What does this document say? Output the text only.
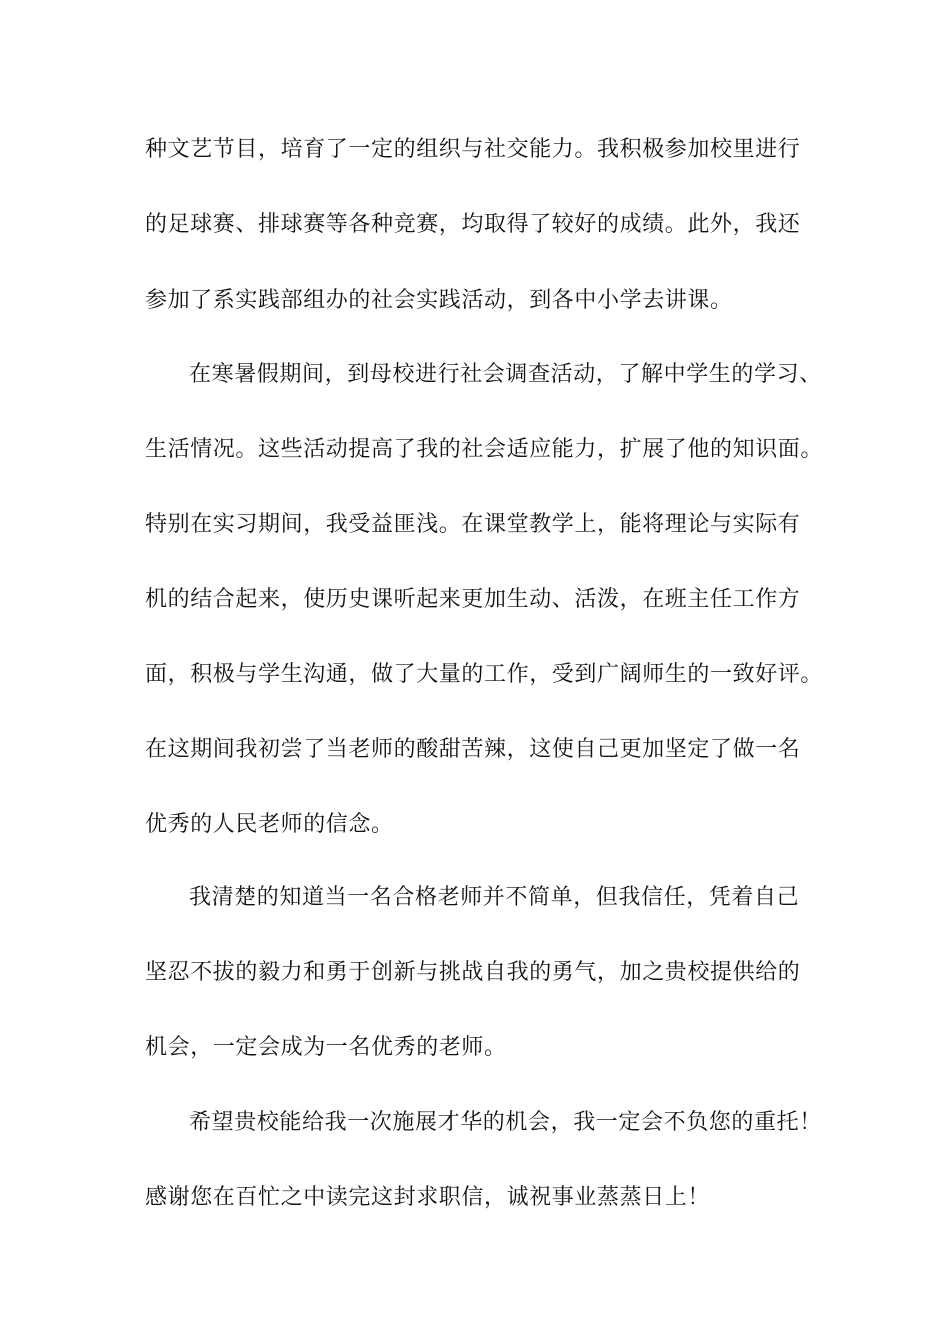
种文艺节目，培育了一定的组织与社交能力。我积极参加校里进行
的足球赛、排球赛等各种竞赛，均取得了较好的成绩。此外，我还
参加了系实践部组办的社会实践活动，到各中小学去讲课。
在寒暑假期间，到母校进行社会调查活动，了解中学生的学习、
生活情况。这些活动提高了我的社会适应能力，扩展了他的知识面。
特别在实习期间，我受益匪浅。在课堂教学上，能将理论与实际有
机的结合起来，使历史课听起来更加生动、活泼，在班主任工作方
面，积极与学生沟通，做了大量的工作，受到广阔师生的一致好评。
在这期间我初尝了当老师的酸甜苦辣，这使自己更加坚定了做一名
优秀的人民老师的信念。
我清楚的知道当一名合格老师并不简单，但我信任，凭着自己
坚忍不拔的毅力和勇于创新与挑战自我的勇气，加之贵校提供给的
机会，一定会成为一名优秀的老师。
希望贵校能给我一次施展才华的机会，我一定会不负您的重托！
感谢您在百忙之中读完这封求职信，诚祝事业蒸蒸日上！
